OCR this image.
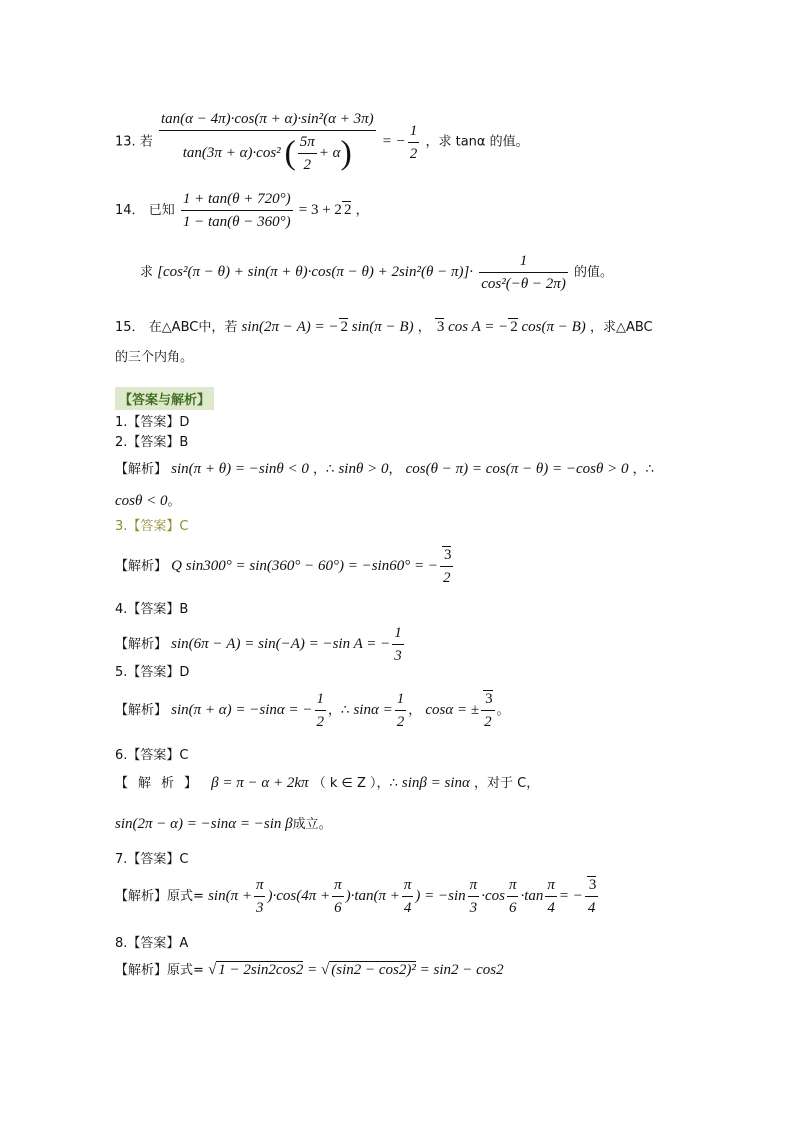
13. 若 $\frac{\text{tan(α − 4π)·cos(π + α)·sin²(α + 3π)}}{\tan(3\pi + \alpha)\cdot\cos^2 ( \frac{5\pi}{2} + \alpha)}$ = − $\frac{1}{2}$ ，求 tanα 的值。
14． 已知 $\frac{1 + \tan(\theta + 720^\circ)}{1 - \tan(\theta - 360^\circ)} = 3 + 2$ 2 ，
求 $[\cos^2(\pi - \theta) + \sin(\pi + \theta)\cdot\cos(\pi - \theta) + 2\sin^2(\theta - \pi)]\cdot \frac{1}{\text{cos²(−θ − 2π)}}$ 的值。
15． 在△ABC中，若 sin(2π − A) = − 2 sin(π − B) ， 3 cos A = − 2 cos(π − B) ，求△ABC
的三个内角。
【答案与解析】
1.【答案】D
2.【答案】B
【解析】 sin(π + θ) = −sinθ < 0 ，∴ sinθ > 0， cos(θ − π) = cos(π − θ) = −cosθ > 0 ，∴
cosθ < 0。
3.【答案】C
【解析】 Q sin300° = sin(360° − 60°) = −sin60° = − $\frac{3}{2}$
4.【答案】B
【解析】 sin(6π − A) = sin(−A) = −sin A = − $\frac{1}{3}$
5.【答案】D
【解析】 sin(π + α) = −sinα = − $\frac{1}{2}$ ，∴ $\sin\alpha = \frac{1}{2}$ ， cosα = ± $\frac{3}{2}$ 。
6.【答案】C
【解析】 β = π − α + 2kπ （ k ∈ Z ），∴ sinβ = sinα ，对于 C，
sin(2π − α) = −sinα = −sin β成立。
7.【答案】C
【解析】原式= $\sin(\pi + \frac{\pi}{3} )\cdot\cos(4\pi + \frac{\pi}{6} )\cdot\tan(\pi + \frac{\pi}{4}$ ) = $-\sin \frac{\pi}{3} \cdot\cos \frac{\pi}{6} \cdot\tan \frac{\pi}{4}$ = − $\frac{3}{4}$
8.【答案】A
【解析】原式= √ 1 − 2sin2cos2 = √ (sin2 − cos2)² = sin2 − cos2
